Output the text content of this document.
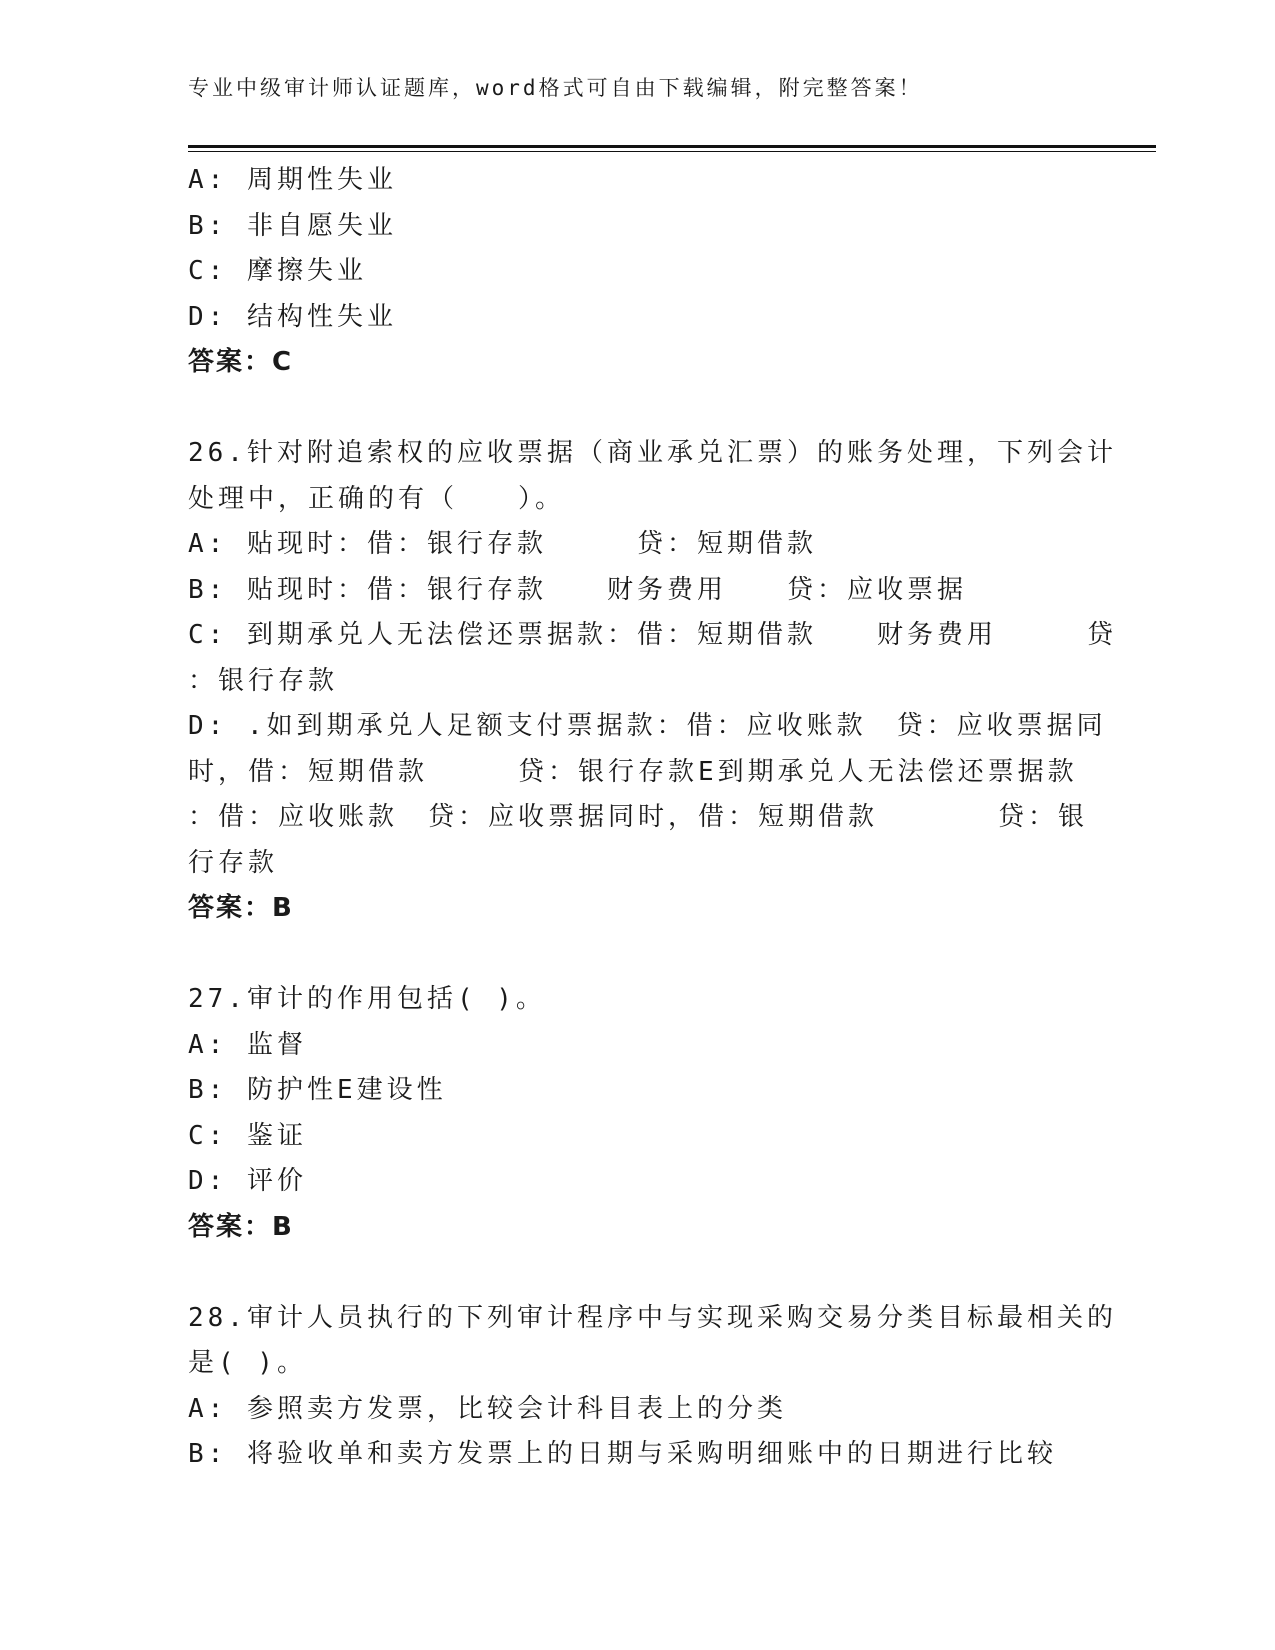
专业中级审计师认证题库，word格式可自由下载编辑，附完整答案！
A: 周期性失业
B: 非自愿失业
C: 摩擦失业
D: 结构性失业
答案：C
26.针对附追索权的应收票据（商业承兑汇票）的账务处理，下列会计
处理中，正确的有（　　）。
A: 贴现时：借：银行存款　　　贷：短期借款
B: 贴现时：借：银行存款　　财务费用　　贷：应收票据
C: 到期承兑人无法偿还票据款：借：短期借款　　财务费用　　　贷
：银行存款
D: .如到期承兑人足额支付票据款：借：应收账款　贷：应收票据同
时，借：短期借款　　　贷：银行存款E到期承兑人无法偿还票据款
：借：应收账款　贷：应收票据同时，借：短期借款　　　　贷：银
行存款
答案：B
27.审计的作用包括( )。
A: 监督
B: 防护性E建设性
C: 鉴证
D: 评价
答案：B
28.审计人员执行的下列审计程序中与实现采购交易分类目标最相关的
是( )。
A: 参照卖方发票，比较会计科目表上的分类
B: 将验收单和卖方发票上的日期与采购明细账中的日期进行比较
